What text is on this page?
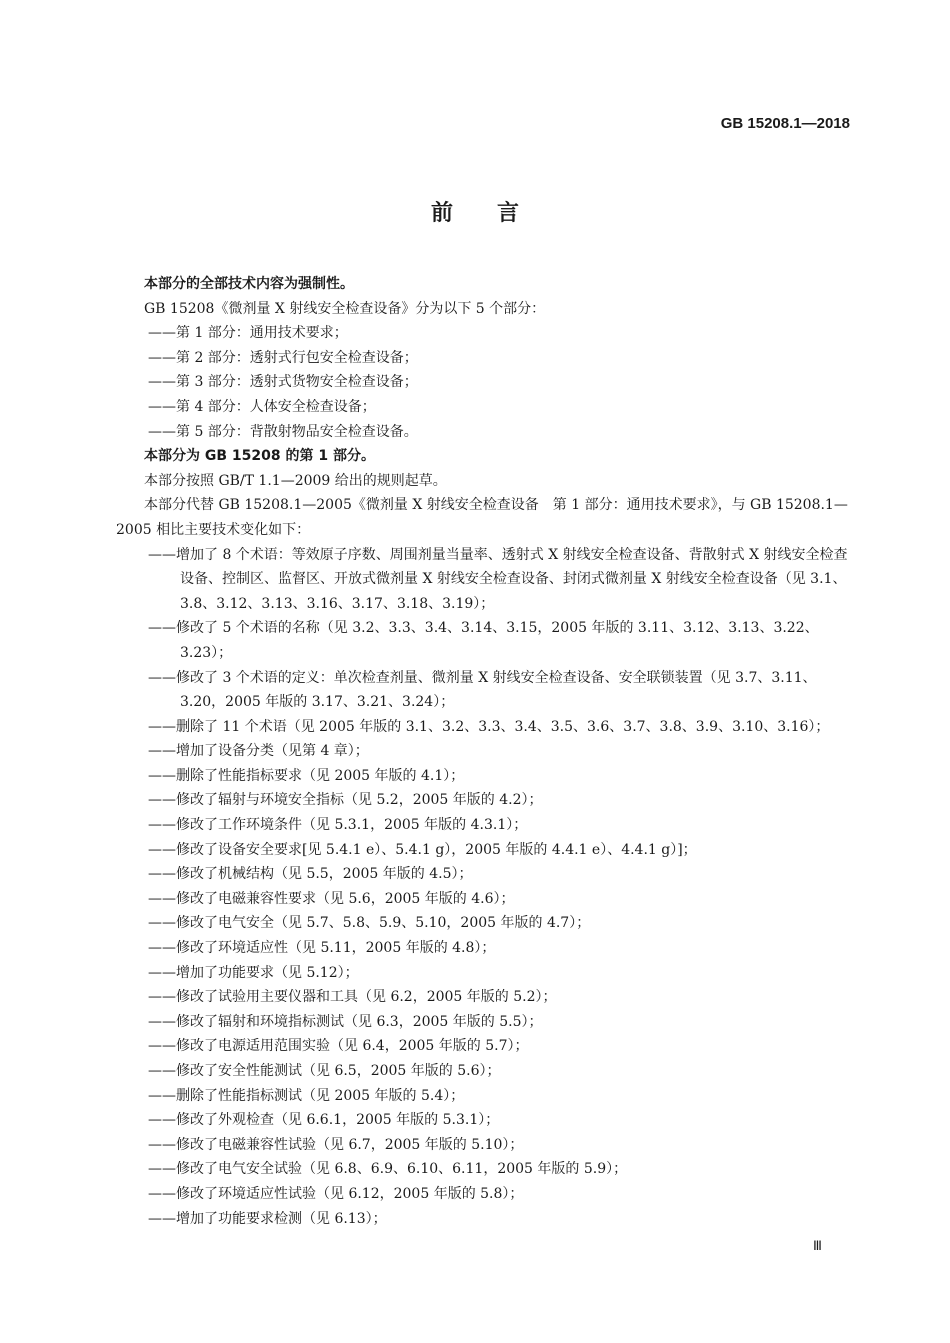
GB 15208.1—2018
前言

本部分的全部技术内容为强制性。

GB 15208《微剂量 X 射线安全检查设备》分为以下 5 个部分：

——第 1 部分：通用技术要求；

——第 2 部分：透射式行包安全检查设备；

——第 3 部分：透射式货物安全检查设备；

——第 4 部分：人体安全检查设备；

——第 5 部分：背散射物品安全检查设备。

本部分为 GB 15208 的第 1 部分。

本部分按照 GB/T 1.1—2009 给出的规则起草。

本部分代替 GB 15208.1—2005《微剂量 X 射线安全检查设备　第 1 部分：通用技术要求》，与 GB 15208.1—2005 相比主要技术变化如下：

——增加了 8 个术语：等效原子序数、周围剂量当量率、透射式 X 射线安全检查设备、背散射式 X 射线安全检查设备、控制区、监督区、开放式微剂量 X 射线安全检查设备、封闭式微剂量 X 射线安全检查设备（见 3.1、3.8、3.12、3.13、3.16、3.17、3.18、3.19）；

——修改了 5 个术语的名称（见 3.2、3.3、3.4、3.14、3.15，2005 年版的 3.11、3.12、3.13、3.22、3.23）；

——修改了 3 个术语的定义：单次检查剂量、微剂量 X 射线安全检查设备、安全联锁装置（见 3.7、3.11、3.20，2005 年版的 3.17、3.21、3.24）；

——删除了 11 个术语（见 2005 年版的 3.1、3.2、3.3、3.4、3.5、3.6、3.7、3.8、3.9、3.10、3.16）；

——增加了设备分类（见第 4 章）；

——删除了性能指标要求（见 2005 年版的 4.1）；

——修改了辐射与环境安全指标（见 5.2，2005 年版的 4.2）；

——修改了工作环境条件（见 5.3.1，2005 年版的 4.3.1）；

——修改了设备安全要求[见 5.4.1 e）、5.4.1 g），2005 年版的 4.4.1 e）、4.4.1 g）]；

——修改了机械结构（见 5.5，2005 年版的 4.5）；

——修改了电磁兼容性要求（见 5.6，2005 年版的 4.6）；

——修改了电气安全（见 5.7、5.8、5.9、5.10，2005 年版的 4.7）；

——修改了环境适应性（见 5.11，2005 年版的 4.8）；

——增加了功能要求（见 5.12）；

——修改了试验用主要仪器和工具（见 6.2，2005 年版的 5.2）；

——修改了辐射和环境指标测试（见 6.3，2005 年版的 5.5）；

——修改了电源适用范围实验（见 6.4，2005 年版的 5.7）；

——修改了安全性能测试（见 6.5，2005 年版的 5.6）；

——删除了性能指标测试（见 2005 年版的 5.4）；

——修改了外观检查（见 6.6.1，2005 年版的 5.3.1）；

——修改了电磁兼容性试验（见 6.7，2005 年版的 5.10）；

——修改了电气安全试验（见 6.8、6.9、6.10、6.11，2005 年版的 5.9）；

——修改了环境适应性试验（见 6.12，2005 年版的 5.8）；

——增加了功能要求检测（见 6.13）；

Ⅲ
